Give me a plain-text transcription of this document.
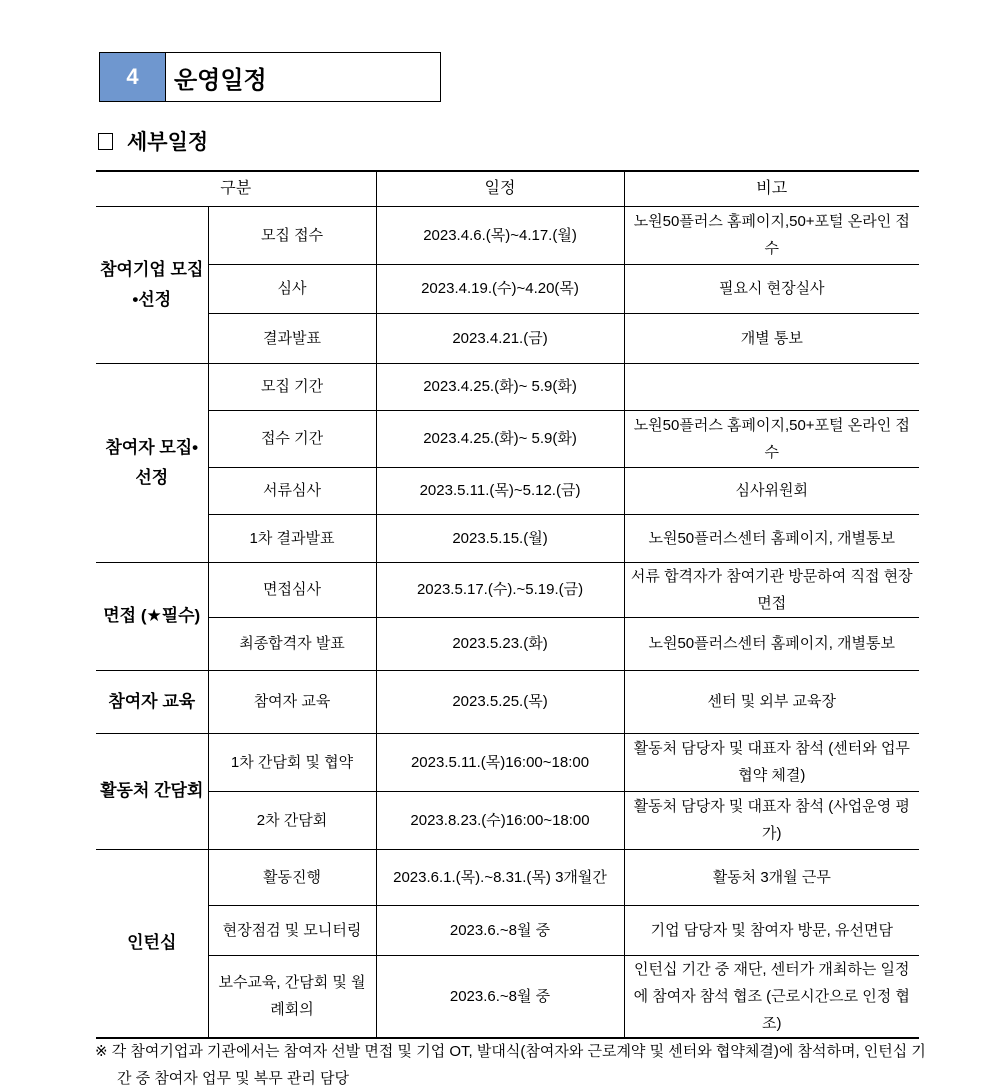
4	운영일정
세부일정
구분		일정	비고
참여기업 모집•선정	모집 접수	2023.4.6.(목)~4.17.(월)	노원50플러스 홈페이지,50+포털 온라인 접수
	심사	2023.4.19.(수)~4.20(목)	필요시 현장실사
	결과발표	2023.4.21.(금)	개별 통보
참여자 모집•선정	모집 기간	2023.4.25.(화)~ 5.9(화)	
	접수 기간	2023.4.25.(화)~ 5.9(화)	노원50플러스 홈페이지,50+포털 온라인 접수
	서류심사	2023.5.11.(목)~5.12.(금)	심사위원회
	1차 결과발표	2023.5.15.(월)	노원50플러스센터 홈페이지, 개별통보
면접 (★필수)	면접심사	2023.5.17.(수).~5.19.(금)	서류 합격자가 참여기관 방문하여 직접 현장면접
	최종합격자 발표	2023.5.23.(화)	노원50플러스센터 홈페이지, 개별통보
참여자 교육	참여자 교육	2023.5.25.(목)	센터 및 외부 교육장
활동처 간담회	1차 간담회 및 협약	2023.5.11.(목)16:00~18:00	활동처 담당자 및 대표자 참석 (센터와 업무협약 체결)
	2차 간담회	2023.8.23.(수)16:00~18:00	활동처 담당자 및 대표자 참석 (사업운영 평가)
인턴십	활동진행	2023.6.1.(목).~8.31.(목) 3개월간	활동처 3개월 근무
	현장점검 및 모니터링	2023.6.~8월 중	기업 담당자 및 참여자 방문, 유선면담
	보수교육, 간담회 및 월례회의	2023.6.~8월 중	인턴십 기간 중 재단, 센터가 개최하는 일정에 참여자 참석 협조 (근로시간으로 인정 협조)
※ 각 참여기업과 기관에서는 참여자 선발 면접 및 기업 OT, 발대식(참여자와 근로계약 및 센터와 협약체결)에 참석하며, 인턴십 기간 중 참여자 업무 및 복무 관리 담당
